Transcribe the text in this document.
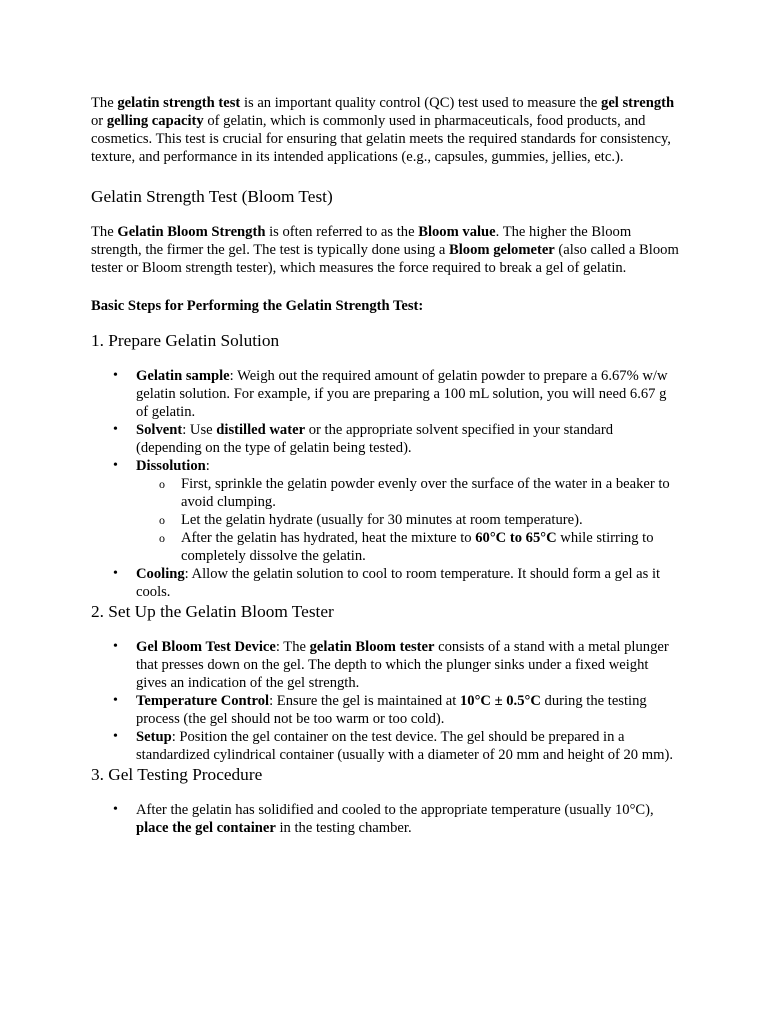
The gelatin strength test is an important quality control (QC) test used to measure the gel strength or gelling capacity of gelatin, which is commonly used in pharmaceuticals, food products, and cosmetics. This test is crucial for ensuring that gelatin meets the required standards for consistency, texture, and performance in its intended applications (e.g., capsules, gummies, jellies, etc.).

Gelatin Strength Test (Bloom Test)

The Gelatin Bloom Strength is often referred to as the Bloom value. The higher the Bloom strength, the firmer the gel. The test is typically done using a Bloom gelometer (also called a Bloom tester or Bloom strength tester), which measures the force required to break a gel of gelatin.

Basic Steps for Performing the Gelatin Strength Test:

1. Prepare Gelatin Solution
• Gelatin sample: Weigh out the required amount of gelatin powder to prepare a 6.67% w/w gelatin solution. For example, if you are preparing a 100 mL solution, you will need 6.67 g of gelatin.
• Solvent: Use distilled water or the appropriate solvent specified in your standard (depending on the type of gelatin being tested).
• Dissolution:
o First, sprinkle the gelatin powder evenly over the surface of the water in a beaker to avoid clumping.
o Let the gelatin hydrate (usually for 30 minutes at room temperature).
o After the gelatin has hydrated, heat the mixture to 60°C to 65°C while stirring to completely dissolve the gelatin.
• Cooling: Allow the gelatin solution to cool to room temperature. It should form a gel as it cools.
2. Set Up the Gelatin Bloom Tester
• Gel Bloom Test Device: The gelatin Bloom tester consists of a stand with a metal plunger that presses down on the gel. The depth to which the plunger sinks under a fixed weight gives an indication of the gel strength.
• Temperature Control: Ensure the gel is maintained at 10°C ± 0.5°C during the testing process (the gel should not be too warm or too cold).
• Setup: Position the gel container on the test device. The gel should be prepared in a standardized cylindrical container (usually with a diameter of 20 mm and height of 20 mm).
3. Gel Testing Procedure
• After the gelatin has solidified and cooled to the appropriate temperature (usually 10°C), place the gel container in the testing chamber.
